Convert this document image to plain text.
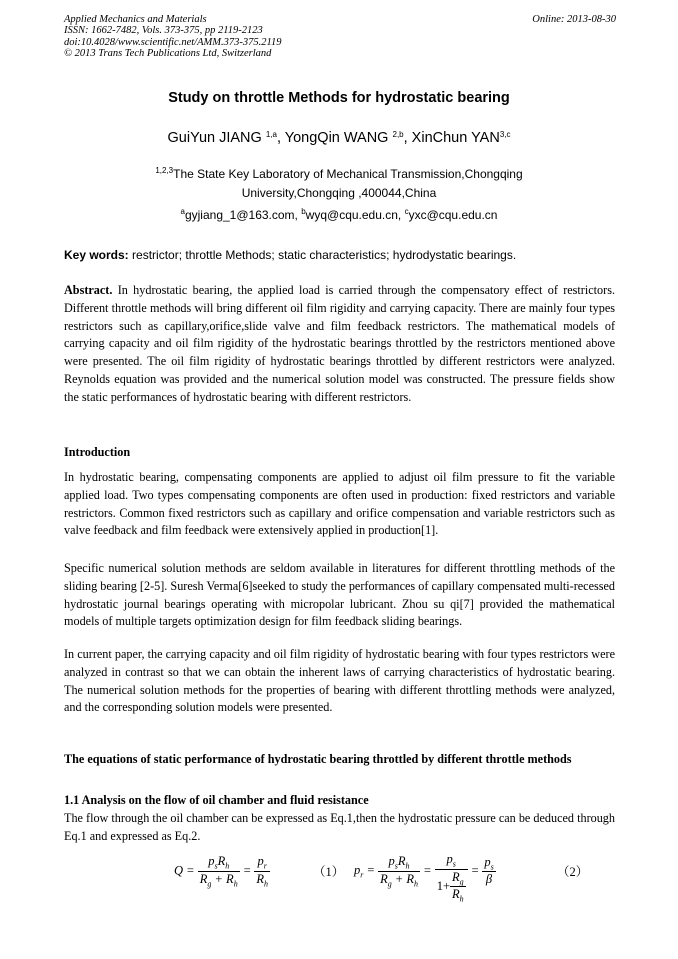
Applied Mechanics and Materials
ISSN: 1662-7482, Vols. 373-375, pp 2119-2123
doi:10.4028/www.scientific.net/AMM.373-375.2119
© 2013 Trans Tech Publications Ltd, Switzerland
Online: 2013-08-30
Study on throttle Methods for hydrostatic bearing
GuiYun JIANG $^{1,a}$, YongQin WANG $^{2,b}$, XinChun YAN$^{3,c}$
$^{1,2,3}$The State Key Laboratory of Mechanical Transmission,Chongqing
University,Chongqing ,400044,China
$^a$gyjiang_1@163.com, $^b$wyq@cqu.edu.cn, $^c$yxc@cqu.edu.cn
Key words: restrictor; throttle Methods; static characteristics; hydrodystatic bearings.
Abstract. In hydrostatic bearing, the applied load is carried through the compensatory effect of restrictors. Different throttle methods will bring different oil film rigidity and carrying capacity. There are mainly four types restrictors such as capillary,orifice,slide valve and film feedback restrictors. The mathematical models of carrying capacity and oil film rigidity of the hydrostatic bearings throttled by the restrictors mentioned above were presented. The oil film rigidity of hydrostatic bearings throttled by different restrictors were analyzed. Reynolds equation was provided and the numerical solution model was constructed. The pressure fields show the static performances of hydrostatic bearing with different restrictors.
Introduction
In hydrostatic bearing, compensating components are applied to adjust oil film pressure to fit the variable applied load. Two types compensating components are often used in production: fixed restrictors and variable restrictors. Common fixed restrictors such as capillary and orifice compensation and variable restrictors such as valve feedback and film feedback were extensively applied in production[1].
Specific numerical solution methods are seldom available in literatures for different throttling methods of the sliding bearing [2-5]. Suresh Verma[6]seeked to study the performances of capillary compensated multi-recessed hydrostatic journal bearings operating with micropolar lubricant. Zhou su qi[7] provided the mathematical models of multiple targets optimization design for film feedback sliding bearings.
In current paper, the carrying capacity and oil film rigidity of hydrostatic bearing with four types restrictors were analyzed in contrast so that we can obtain the inherent laws of carrying characteristics of hydrostatic bearing. The numerical solution methods for the properties of bearing with different throttling methods were analyzed, and the corresponding solution models were presented.
The equations of static performance of hydrostatic bearing throttled by different throttle methods
1.1 Analysis on the flow of oil chamber and fluid resistance
The flow through the oil chamber can be expressed as Eq.1,then the hydrostatic pressure can be deduced through Eq.1 and expressed as Eq.2.
$Q = \frac{p_sR_h}{R_g + R_h} = \frac{p_r}{R_h}$	（1） $p_r = \frac{p_sR_h}{R_g + R_h} = \frac{p_s}{1+ \frac{R_g}{R_h}} = \frac{p_s}{\beta}$	（2）
